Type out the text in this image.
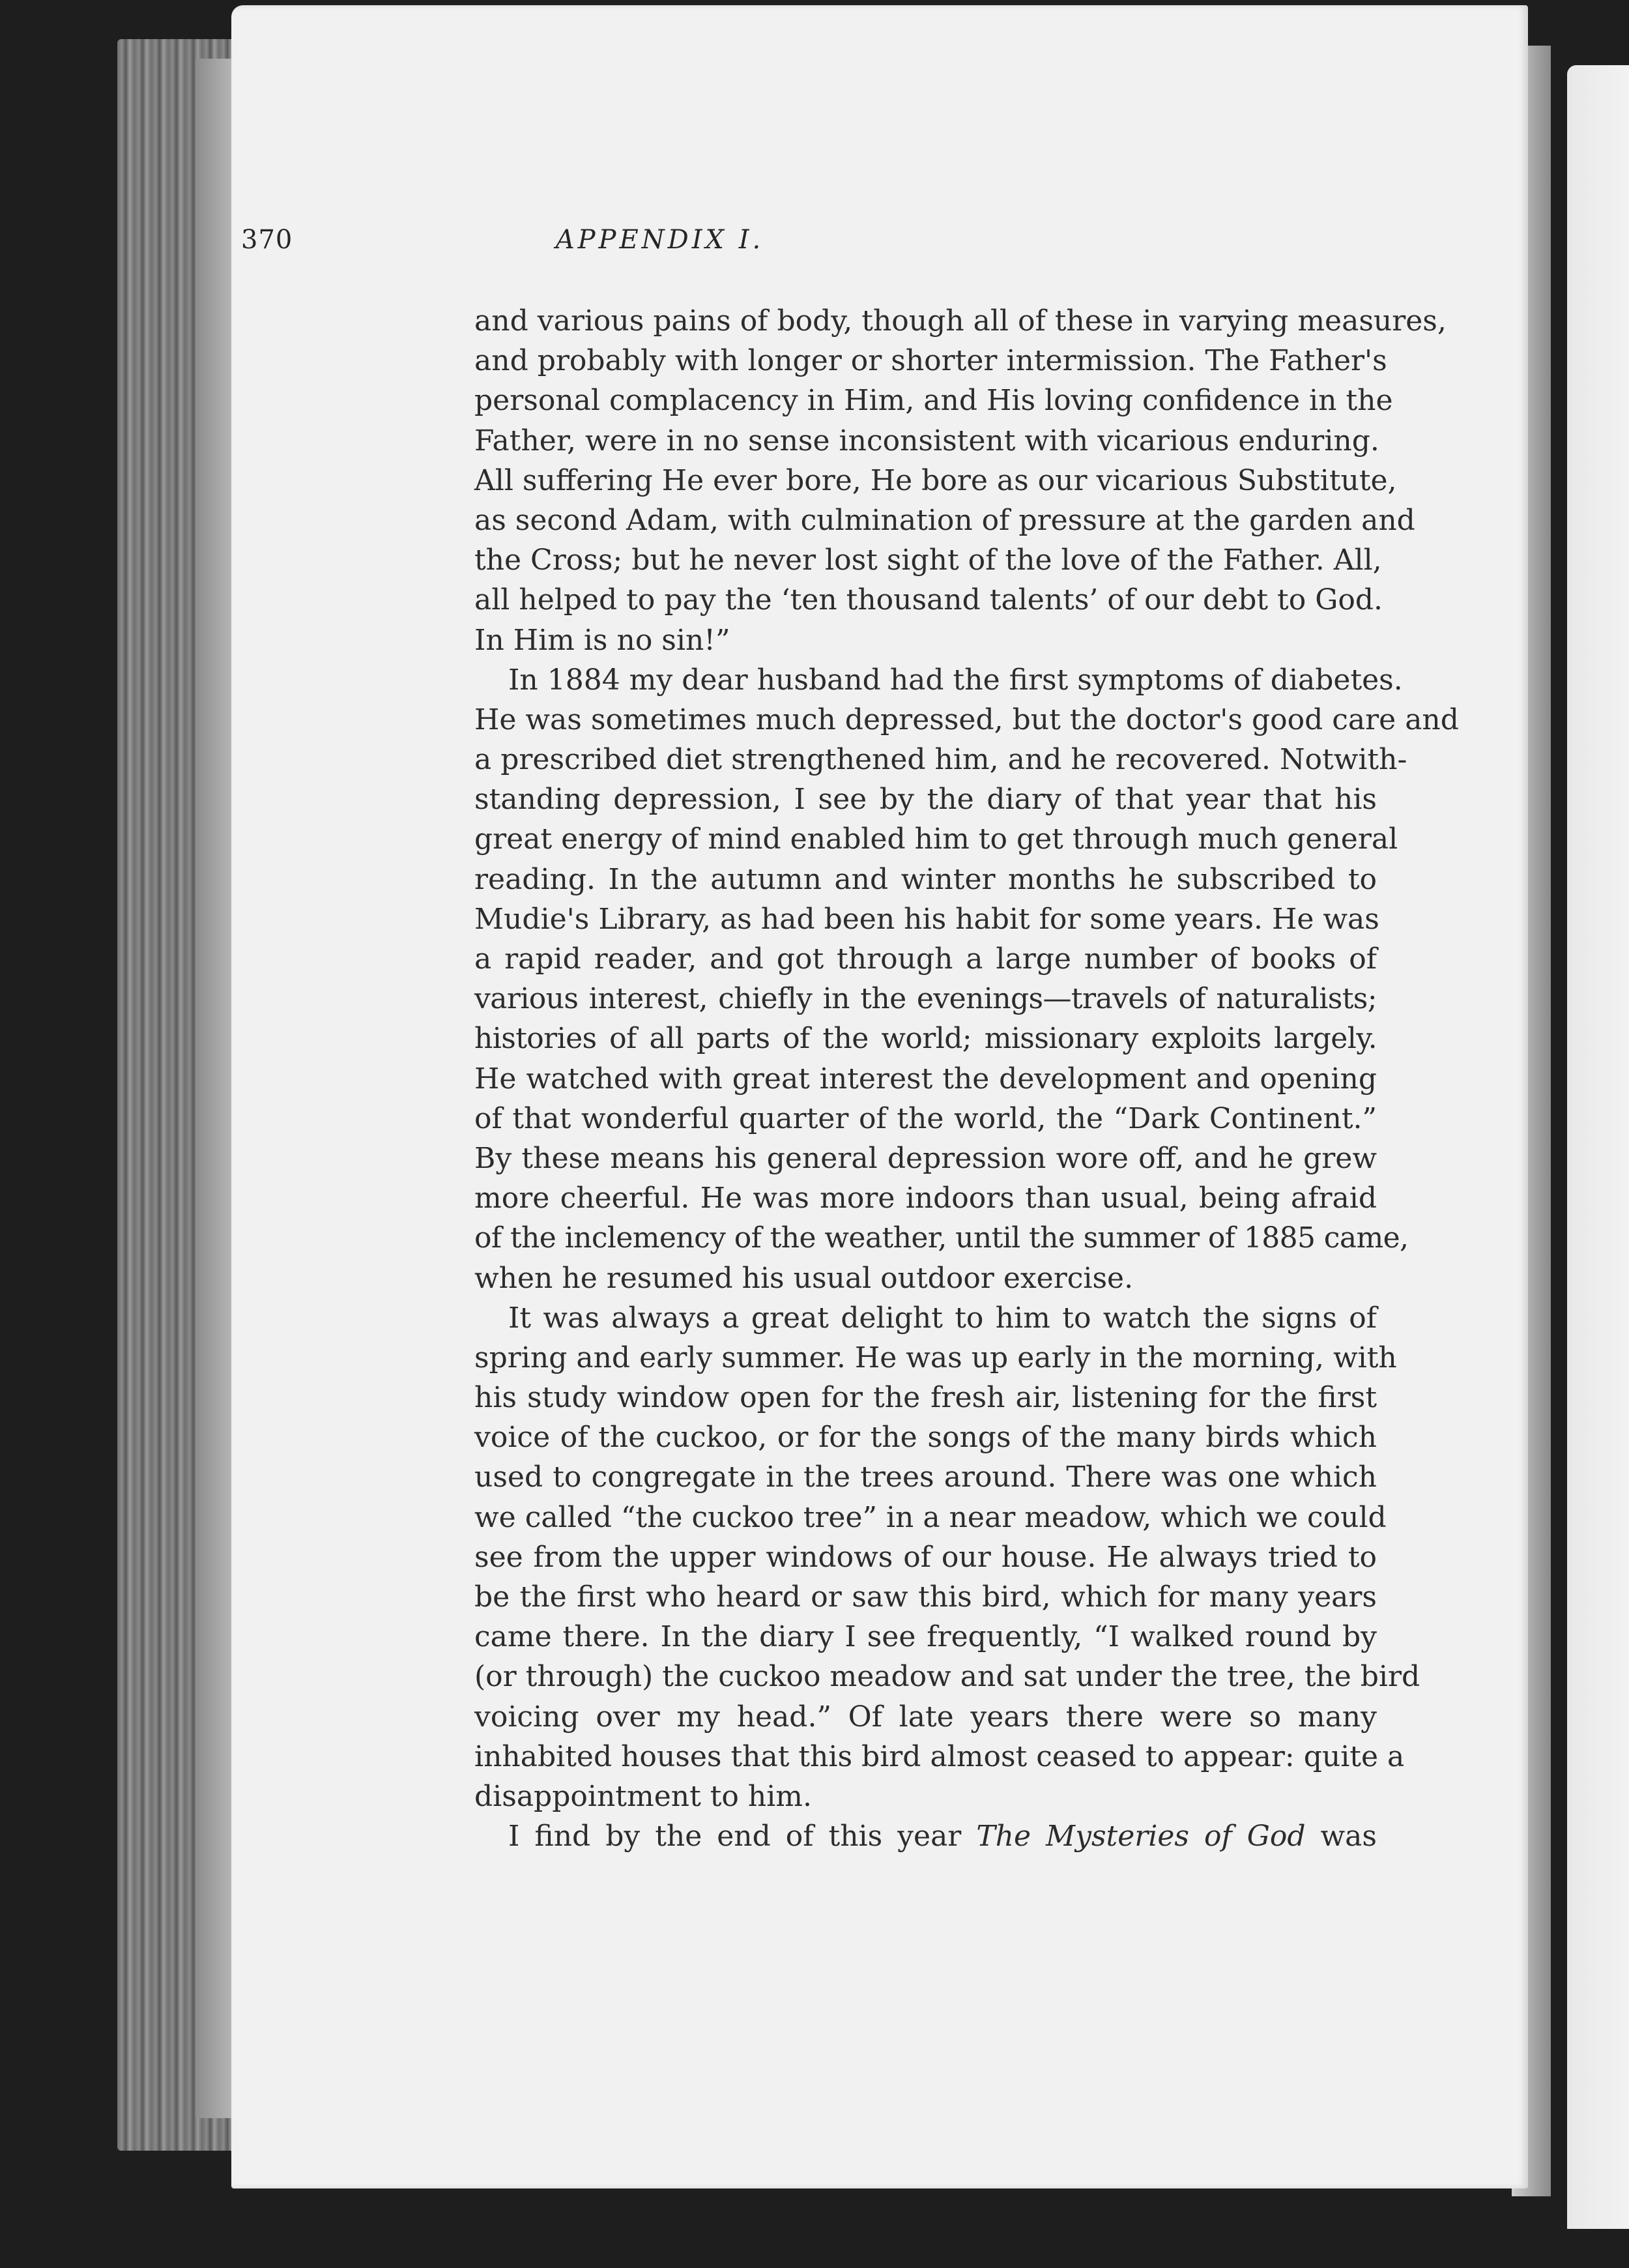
370	APPENDIX I.
and various pains of body, though all of these in varying measures,
and probably with longer or shorter intermission. The Father's
personal complacency in Him, and His loving confidence in the
Father, were in no sense inconsistent with vicarious enduring.
All suffering He ever bore, He bore as our vicarious Substitute,
as second Adam, with culmination of pressure at the garden and
the Cross; but he never lost sight of the love of the Father. All,
all helped to pay the ‘ten thousand talents’ of our debt to God.
In Him is no sin!”
In 1884 my dear husband had the first symptoms of diabetes.
He was sometimes much depressed, but the doctor's good care and
a prescribed diet strengthened him, and he recovered. Notwith-
standing depression, I see by the diary of that year that his
great energy of mind enabled him to get through much general
reading. In the autumn and winter months he subscribed to
Mudie's Library, as had been his habit for some years. He was
a rapid reader, and got through a large number of books of
various interest, chiefly in the evenings—travels of naturalists;
histories of all parts of the world; missionary exploits largely.
He watched with great interest the development and opening
of that wonderful quarter of the world, the “Dark Continent.”
By these means his general depression wore off, and he grew
more cheerful. He was more indoors than usual, being afraid
of the inclemency of the weather, until the summer of 1885 came,
when he resumed his usual outdoor exercise.
It was always a great delight to him to watch the signs of
spring and early summer. He was up early in the morning, with
his study window open for the fresh air, listening for the first
voice of the cuckoo, or for the songs of the many birds which
used to congregate in the trees around. There was one which
we called “the cuckoo tree” in a near meadow, which we could
see from the upper windows of our house. He always tried to
be the first who heard or saw this bird, which for many years
came there. In the diary I see frequently, “I walked round by
(or through) the cuckoo meadow and sat under the tree, the bird
voicing over my head.” Of late years there were so many
inhabited houses that this bird almost ceased to appear: quite a
disappointment to him.
I find by the end of this year The Mysteries of God was
